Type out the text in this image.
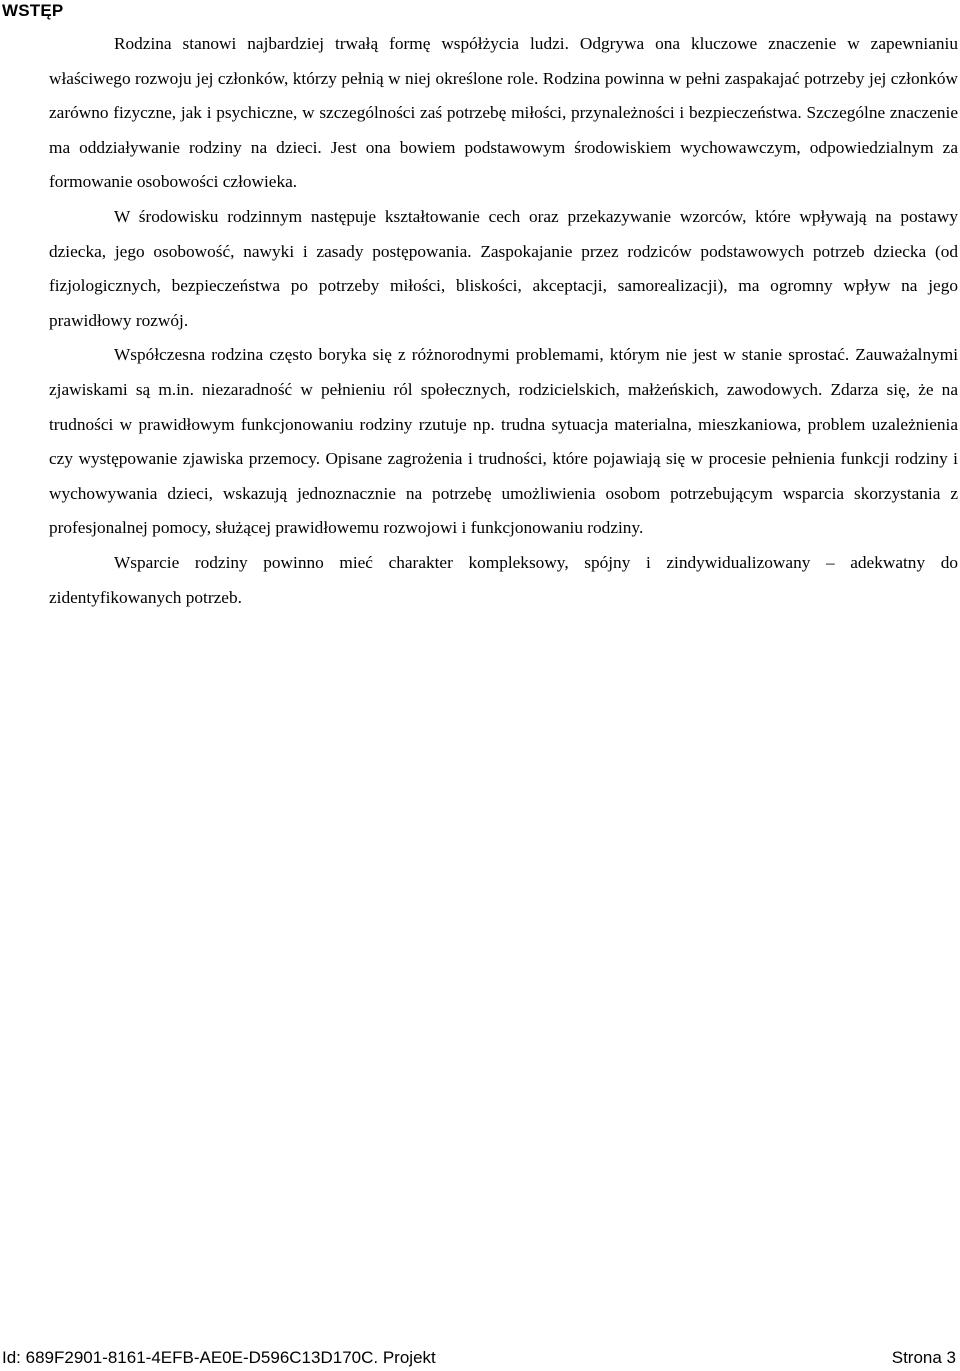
WSTĘP

Rodzina stanowi najbardziej trwałą formę współżycia ludzi. Odgrywa ona kluczowe znaczenie w zapewnianiu właściwego rozwoju jej członków, którzy pełnią w niej określone role. Rodzina powinna w pełni zaspakajać potrzeby jej członków zarówno fizyczne, jak i psychiczne, w szczególności zaś potrzebę miłości, przynależności i bezpieczeństwa. Szczególne znaczenie ma oddziaływanie rodziny na dzieci. Jest ona bowiem podstawowym środowiskiem wychowawczym, odpowiedzialnym za formowanie osobowości człowieka.

W środowisku rodzinnym następuje kształtowanie cech oraz przekazywanie wzorców, które wpływają na postawy dziecka, jego osobowość, nawyki i zasady postępowania. Zaspokajanie przez rodziców podstawowych potrzeb dziecka (od fizjologicznych, bezpieczeństwa po potrzeby miłości, bliskości, akceptacji, samorealizacji), ma ogromny wpływ na jego prawidłowy rozwój.

Współczesna rodzina często boryka się z różnorodnymi problemami, którym nie jest w stanie sprostać. Zauważalnymi zjawiskami są m.in. niezaradność w pełnieniu ról społecznych, rodzicielskich, małżeńskich, zawodowych. Zdarza się, że na trudności w prawidłowym funkcjonowaniu rodziny rzutuje np. trudna sytuacja materialna, mieszkaniowa, problem uzależnienia czy występowanie zjawiska przemocy. Opisane zagrożenia i trudności, które pojawiają się w procesie pełnienia funkcji rodziny i wychowywania dzieci, wskazują jednoznacznie na potrzebę umożliwienia osobom potrzebującym wsparcia skorzystania z profesjonalnej pomocy, służącej prawidłowemu rozwojowi i funkcjonowaniu rodziny.

Wsparcie rodziny powinno mieć charakter kompleksowy, spójny i zindywidualizowany – adekwatny do zidentyfikowanych potrzeb.

Id: 689F2901-8161-4EFB-AE0E-D596C13D170C. Projekt	Strona 3
